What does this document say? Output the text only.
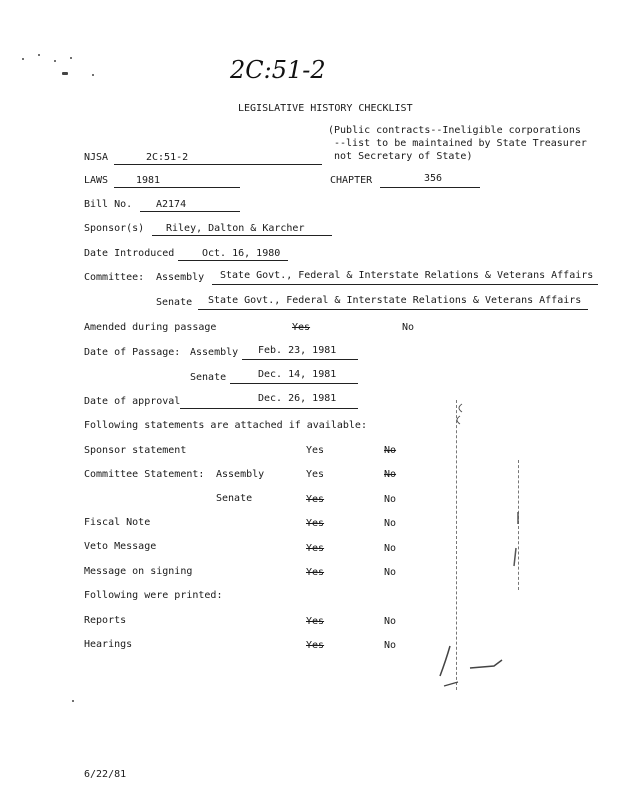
2C:51-2
LEGISLATIVE HISTORY CHECKLIST
(Public contracts--Ineligible corporations
--list to be maintained by State Treasurer
not Secretary of State)
NJSA	2C:51-2
LAWS	1981	CHAPTER	356
Bill No. A2174
Sponsor(s) Riley, Dalton & Karcher
Date Introduced	Oct. 16, 1980
Committee: Assembly State Govt., Federal & Interstate Relations & Veterans Affairs
Senate State Govt., Federal & Interstate Relations & Veterans Affairs
Amended during passage	Yes	No
Date of Passage: Assembly Feb. 23, 1981
Senate	Dec. 14, 1981
Date of approval	Dec. 26, 1981
Following statements are attached if available:
Sponsor statement	Yes	No
Committee Statement: Assembly	Yes	No
Senate	Yes	No
Fiscal Note	Yes	No
Veto Message	Yes	No
Message on signing	Yes	No
Following were printed:
Reports	Yes	No
Hearings	Yes	No
6/22/81
